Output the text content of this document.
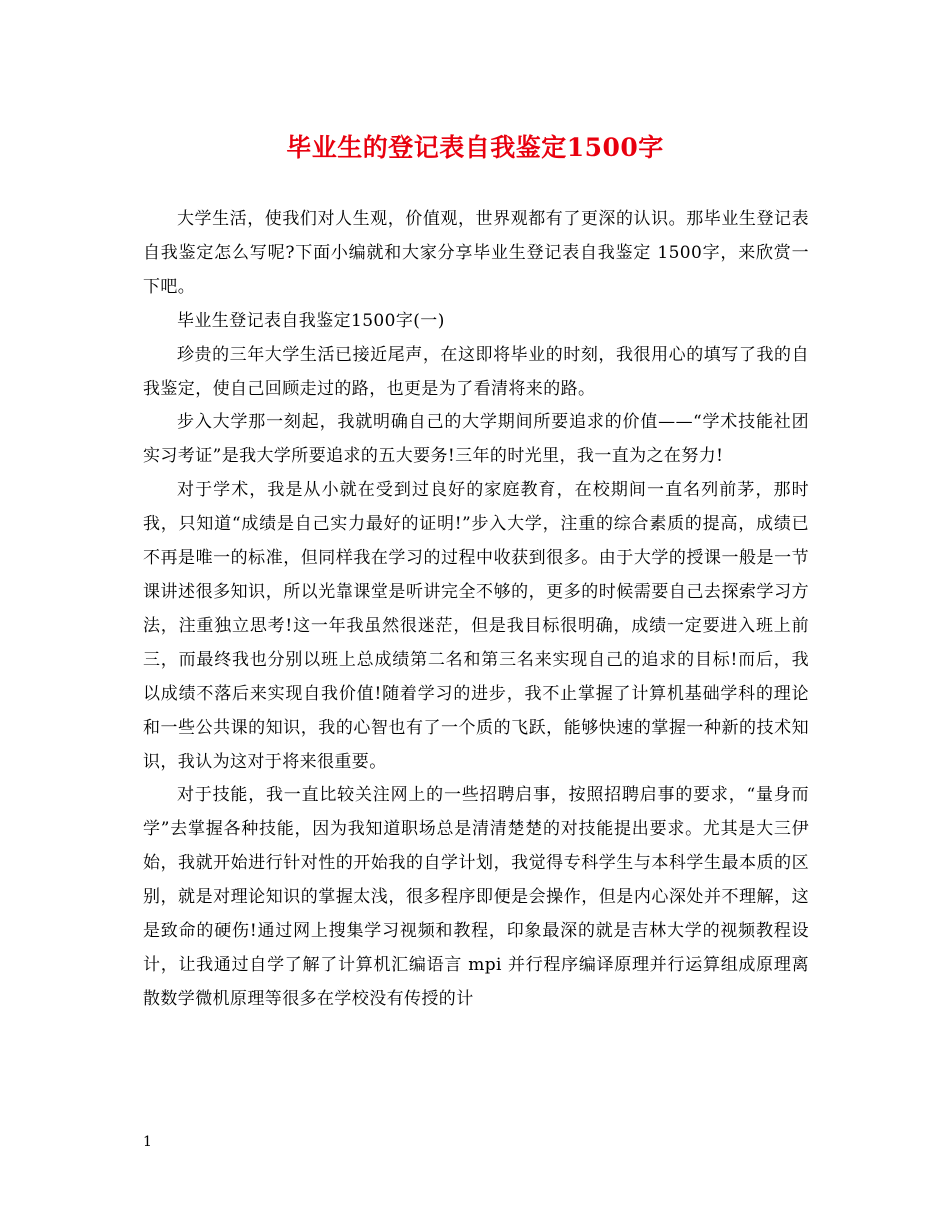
毕业生的登记表自我鉴定1500字

大学生活，使我们对人生观，价值观，世界观都有了更深的认识。那毕业生登记表自我鉴定怎么写呢?下面小编就和大家分享毕业生登记表自我鉴定 1500字，来欣赏一下吧。

毕业生登记表自我鉴定1500字(一)

珍贵的三年大学生活已接近尾声，在这即将毕业的时刻，我很用心的填写了我的自我鉴定，使自己回顾走过的路，也更是为了看清将来的路。

步入大学那一刻起，我就明确自己的大学期间所要追求的价值——“学术技能社团实习考证”是我大学所要追求的五大要务!三年的时光里，我一直为之在努力!

对于学术，我是从小就在受到过良好的家庭教育，在校期间一直名列前茅，那时我，只知道“成绩是自己实力最好的证明!”步入大学，注重的综合素质的提高，成绩已不再是唯一的标准，但同样我在学习的过程中收获到很多。由于大学的授课一般是一节课讲述很多知识，所以光靠课堂是听讲完全不够的，更多的时候需要自己去探索学习方法，注重独立思考!这一年我虽然很迷茫，但是我目标很明确，成绩一定要进入班上前三，而最终我也分别以班上总成绩第二名和第三名来实现自己的追求的目标!而后，我以成绩不落后来实现自我价值!随着学习的进步，我不止掌握了计算机基础学科的理论和一些公共课的知识，我的心智也有了一个质的飞跃，能够快速的掌握一种新的技术知识，我认为这对于将来很重要。

对于技能，我一直比较关注网上的一些招聘启事，按照招聘启事的要求，“量身而学”去掌握各种技能，因为我知道职场总是清清楚楚的对技能提出要求。尤其是大三伊始，我就开始进行针对性的开始我的自学计划，我觉得专科学生与本科学生最本质的区别，就是对理论知识的掌握太浅，很多程序即便是会操作，但是内心深处并不理解，这是致命的硬伤!通过网上搜集学习视频和教程，印象最深的就是吉林大学的视频教程设计，让我通过自学了解了计算机汇编语言 mpi 并行程序编译原理并行运算组成原理离散数学微机原理等很多在学校没有传授的计

1
